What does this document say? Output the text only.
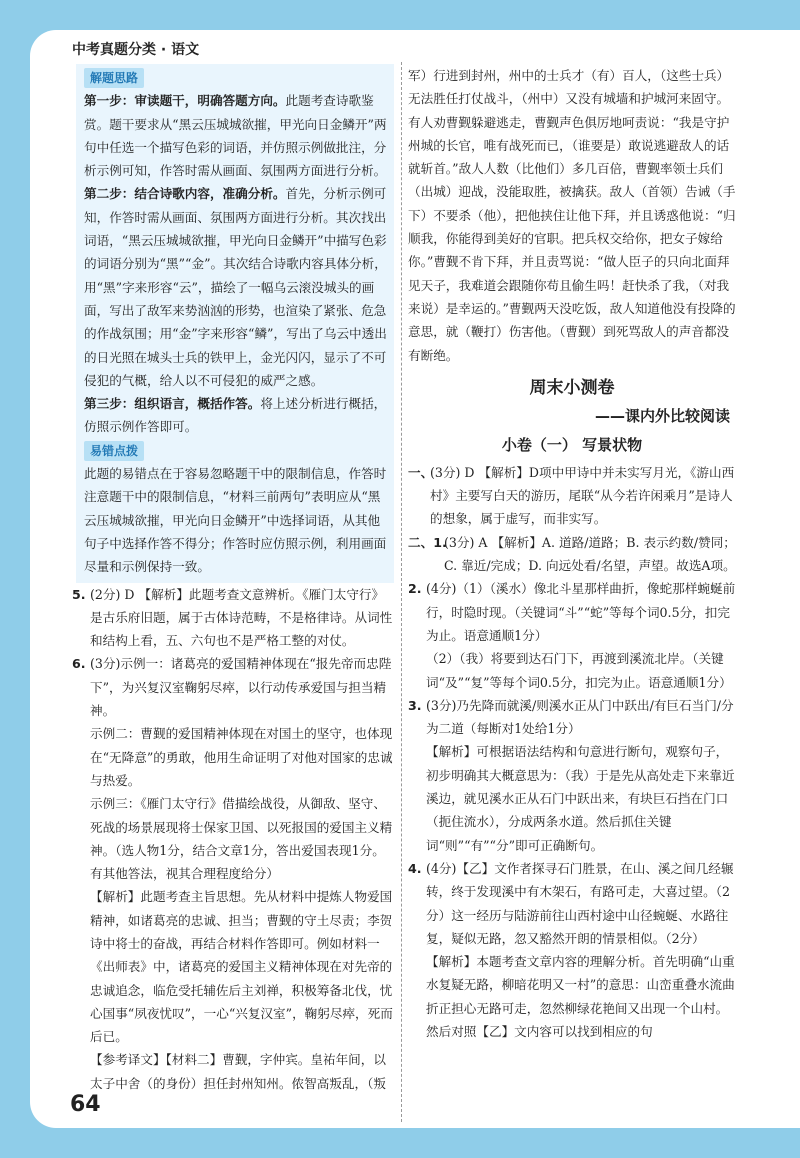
中考真题分类 · 语文
解题思路

第一步：审读题干，明确答题方向。此题考查诗歌鉴赏。题干要求从“黑云压城城欲摧，甲光向日金鳞开”两句中任选一个描写色彩的词语，并仿照示例做批注，分析示例可知，作答时需从画面、氛围两方面进行分析。

第二步：结合诗歌内容，准确分析。首先，分析示例可知，作答时需从画面、氛围两方面进行分析。其次找出词语，“黑云压城城欲摧，甲光向日金鳞开”中描写色彩的词语分别为“黑”“金”。其次结合诗歌内容具体分析，用“黑”字来形容“云”，描绘了一幅乌云滚没城头的画面，写出了敌军来势汹汹的形势，也渲染了紧张、危急的作战氛围；用“金”字来形容“鳞”，写出了乌云中透出的日光照在城头士兵的铁甲上，金光闪闪，显示了不可侵犯的气概，给人以不可侵犯的威严之感。

第三步：组织语言，概括作答。将上述分析进行概括，仿照示例作答即可。

易错点拨

此题的易错点在于容易忽略题干中的限制信息，作答时注意题干中的限制信息，“材料三前两句”表明应从“黑云压城城欲摧，甲光向日金鳞开”中选择词语，从其他句子中选择作答不得分；作答时应仿照示例，利用画面尽量和示例保持一致。

5. (2分) D 【解析】此题考查文意辨析。《雁门太守行》是古乐府旧题，属于古体诗范畴，不是格律诗。从词性和结构上看，五、六句也不是严格工整的对仗。
6. (3分)示例一：诸葛亮的爱国精神体现在“报先帝而忠陛下”，为兴复汉室鞠躬尽瘁，以行动传承爱国与担当精神。

示例二：曹觐的爱国精神体现在对国土的坚守，也体现在“无降意”的勇敢，他用生命证明了对他对国家的忠诚与热爱。

示例三：《雁门太守行》借描绘战役，从御敌、坚守、死战的场景展现将士保家卫国、以死报国的爱国主义精神。（选人物1分，结合文章1分，答出爱国表现1分。有其他答法，视其合理程度给分）

【解析】此题考查主旨思想。先从材料中提炼人物爱国精神，如诸葛亮的忠诚、担当；曹觐的守土尽责；李贺诗中将士的奋战，再结合材料作答即可。例如材料一《出师表》中，诸葛亮的爱国主义精神体现在对先帝的忠诚追念，临危受托辅佐后主刘禅，积极筹备北伐，忧心国事“夙夜忧叹”，一心“兴复汉室”，鞠躬尽瘁，死而后已。

【参考译文】【材料二】曹觐，字仲宾。皇祐年间，以太子中舍（的身份）担任封州知州。侬智高叛乱，（叛

军）行进到封州，州中的士兵才（有）百人，（这些士兵）无法胜任打仗战斗，（州中）又没有城墙和护城河来固守。有人劝曹觐躲避逃走，曹觐声色俱厉地呵责说：“我是守护州城的长官，唯有战死而已，（谁要是）敢说逃避敌人的话就斩首。”敌人人数（比他们）多几百倍，曹觐率领士兵们（出城）迎战，没能取胜，被擒获。敌人（首领）告诫（手下）不要杀（他），把他挟住让他下拜，并且诱惑他说：“归顺我，你能得到美好的官职。把兵权交给你，把女子嫁给你。”曹觐不肯下拜，并且责骂说：“做人臣子的只向北面拜见天子，我难道会跟随你苟且偷生吗！赶快杀了我，（对我来说）是幸运的。”曹觐两天没吃饭，敌人知道他没有投降的意思，就（鞭打）伤害他。（曹觐）到死骂敌人的声音都没有断绝。

周末小测卷
——课内外比较阅读
小卷（一） 写景状物
一、
(3分) D 【解析】D项中甲诗中并未实写月光，《游山西村》主要写白天的游历，尾联“从今若许闲乘月”是诗人的想象，属于虚写，而非实写。
二、1.
(3分) A 【解析】A. 道路/道路；B. 表示约数/赞同；C. 靠近/完成；D. 向远处看/名望，声望。故选A项。
2. (4分)（1）（溪水）像北斗星那样曲折，像蛇那样蜿蜒前行，时隐时现。（关键词“斗”“蛇”等每个词0.5分，扣完为止。语意通顺1分）

（2）（我）将要到达石门下，再渡到溪流北岸。（关键词“及”“复”等每个词0.5分，扣完为止。语意通顺1分）

3. (3分)乃先降而就溪/则溪水正从门中跃出/有巨石当门/分为二道（每断对1处给1分）

【解析】可根据语法结构和句意进行断句，观察句子，初步明确其大概意思为：（我）于是先从高处走下来靠近溪边，就见溪水正从石门中跃出来，有块巨石挡在门口（扼住流水），分成两条水道。然后抓住关键词“则”“有”“分”即可正确断句。

4. (4分)【乙】文作者探寻石门胜景，在山、溪之间几经辗转，终于发现溪中有木架石，有路可走，大喜过望。（2分）这一经历与陆游前往山西村途中山径蜿蜒、水路往复，疑似无路，忽又豁然开朗的情景相似。（2分）

【解析】本题考查文章内容的理解分析。首先明确“山重水复疑无路，柳暗花明又一村”的意思：山峦重叠水流曲折正担心无路可走，忽然柳绿花艳间又出现一个山村。然后对照【乙】文内容可以找到相应的句

64
